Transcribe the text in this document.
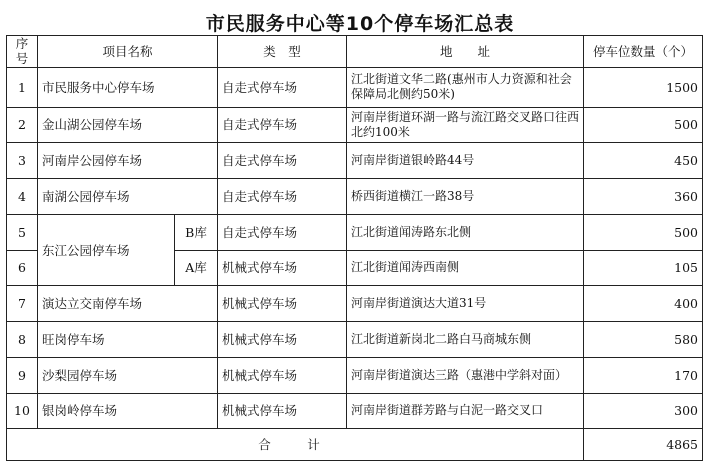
市民服务中心等10个停车场汇总表
序号	项目名称		类　型	地　　址	停车位数量（个）
1	市民服务中心停车场		自走式停车场	江北街道文华二路(惠州市人力资源和社会保障局北侧约50米)	1500
2	金山湖公园停车场		自走式停车场	河南岸街道环湖一路与流江路交叉路口往西北约100米	500
3	河南岸公园停车场		自走式停车场	河南岸街道银岭路44号	450
4	南湖公园停车场		自走式停车场	桥西街道横江一路38号	360
5	东江公园停车场	B库	自走式停车场	江北街道闻涛路东北侧	500
6		A库	机械式停车场	江北街道闻涛西南侧	105
7	演达立交南停车场		机械式停车场	河南岸街道演达大道31号	400
8	旺岗停车场		机械式停车场	江北街道新岗北二路白马商城东侧	580
9	沙梨园停车场		机械式停车场	河南岸街道演达三路（惠港中学斜对面）	170
10	银岗岭停车场		机械式停车场	河南岸街道群芳路与白泥一路交叉口	300
合　计					4865
